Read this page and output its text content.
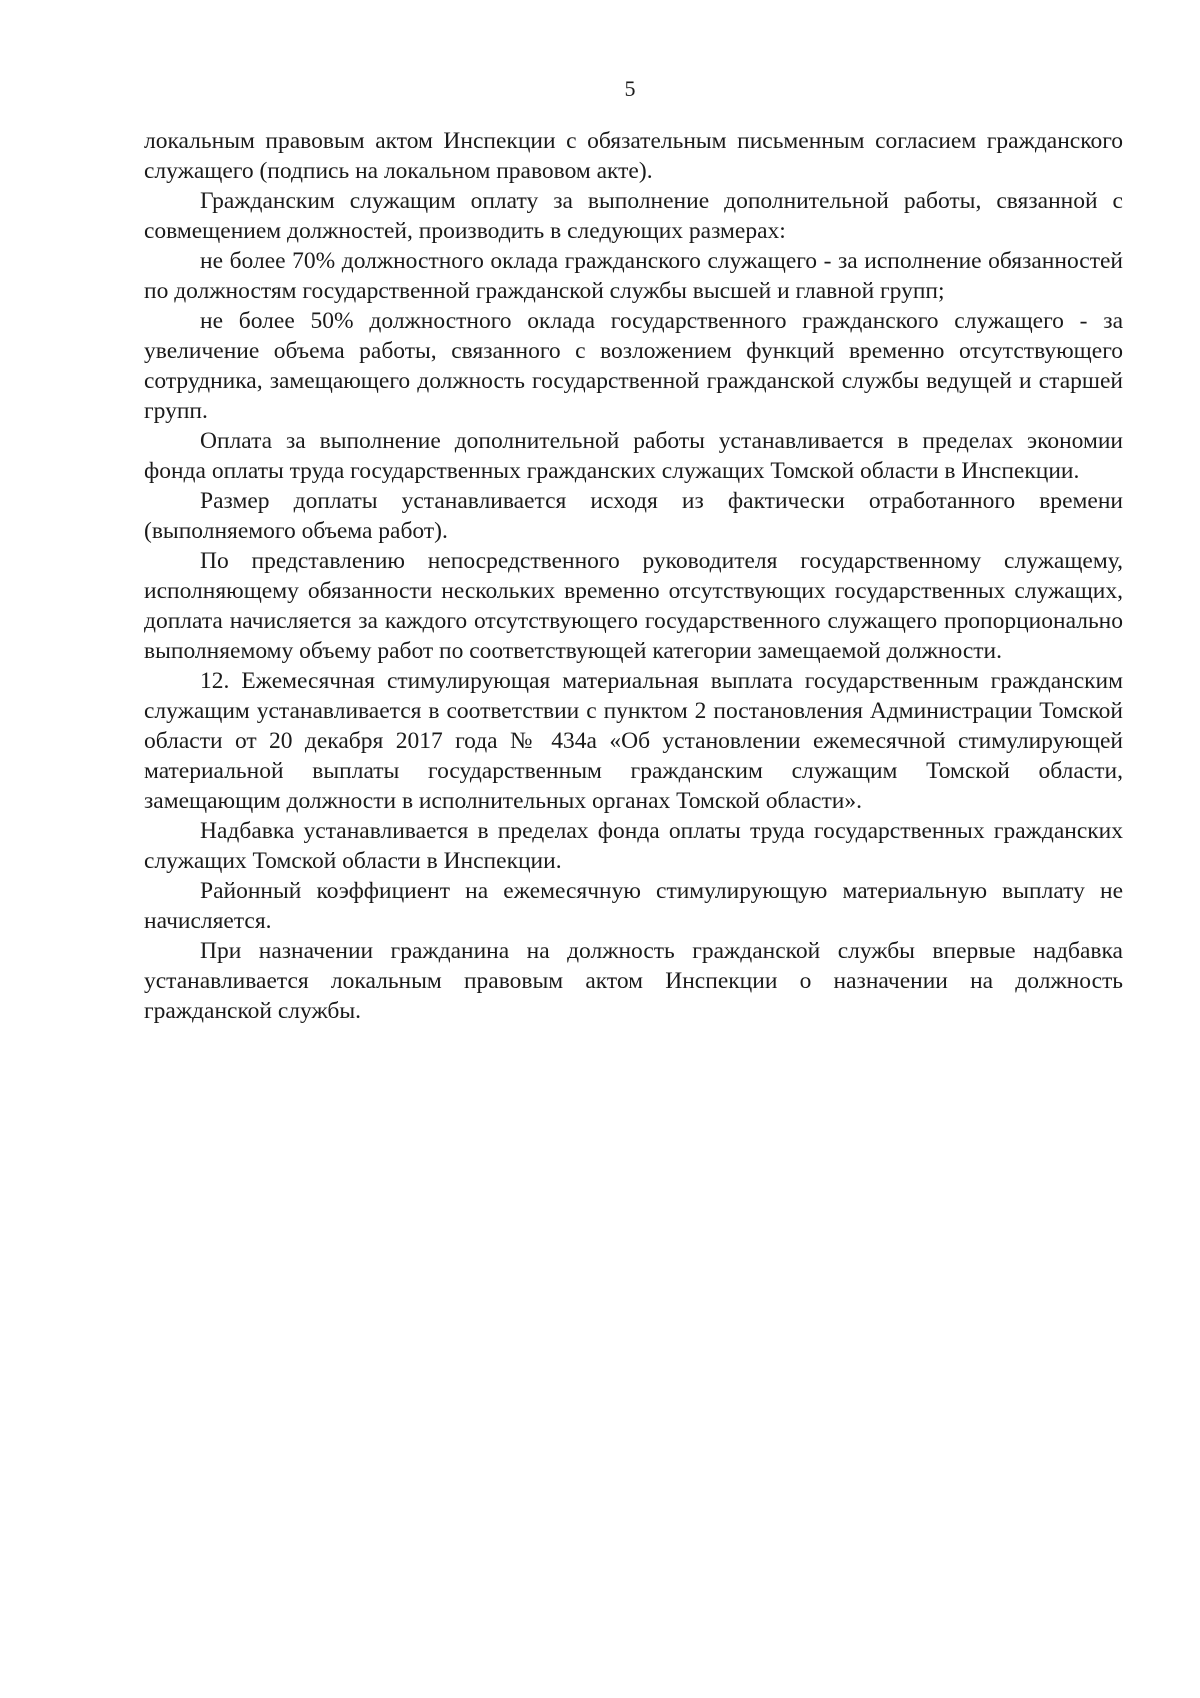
5

локальным правовым актом Инспекции с обязательным письменным согласием гражданского служащего (подпись на локальном правовом акте).

Гражданским служащим оплату за выполнение дополнительной работы, связанной с совмещением должностей, производить в следующих размерах:

не более 70% должностного оклада гражданского служащего - за исполнение обязанностей по должностям государственной гражданской службы высшей и главной групп;

не более 50% должностного оклада государственного гражданского служащего - за увеличение объема работы, связанного с возложением функций временно отсутствующего сотрудника, замещающего должность государственной гражданской службы ведущей и старшей групп.

Оплата за выполнение дополнительной работы устанавливается в пределах экономии фонда оплаты труда государственных гражданских служащих Томской области в Инспекции.

Размер доплаты устанавливается исходя из фактически отработанного времени (выполняемого объема работ).

По представлению непосредственного руководителя государственному служащему, исполняющему обязанности нескольких временно отсутствующих государственных служащих, доплата начисляется за каждого отсутствующего государственного служащего пропорционально выполняемому объему работ по соответствующей категории замещаемой должности.

12. Ежемесячная стимулирующая материальная выплата государственным гражданским служащим устанавливается в соответствии с пунктом 2 постановления Администрации Томской области от 20 декабря 2017 года № 434а «Об установлении ежемесячной стимулирующей материальной выплаты государственным гражданским служащим Томской области, замещающим должности в исполнительных органах Томской области».

Надбавка устанавливается в пределах фонда оплаты труда государственных гражданских служащих Томской области в Инспекции.

Районный коэффициент на ежемесячную стимулирующую материальную выплату не начисляется.

При назначении гражданина на должность гражданской службы впервые надбавка устанавливается локальным правовым актом Инспекции о назначении на должность гражданской службы.
